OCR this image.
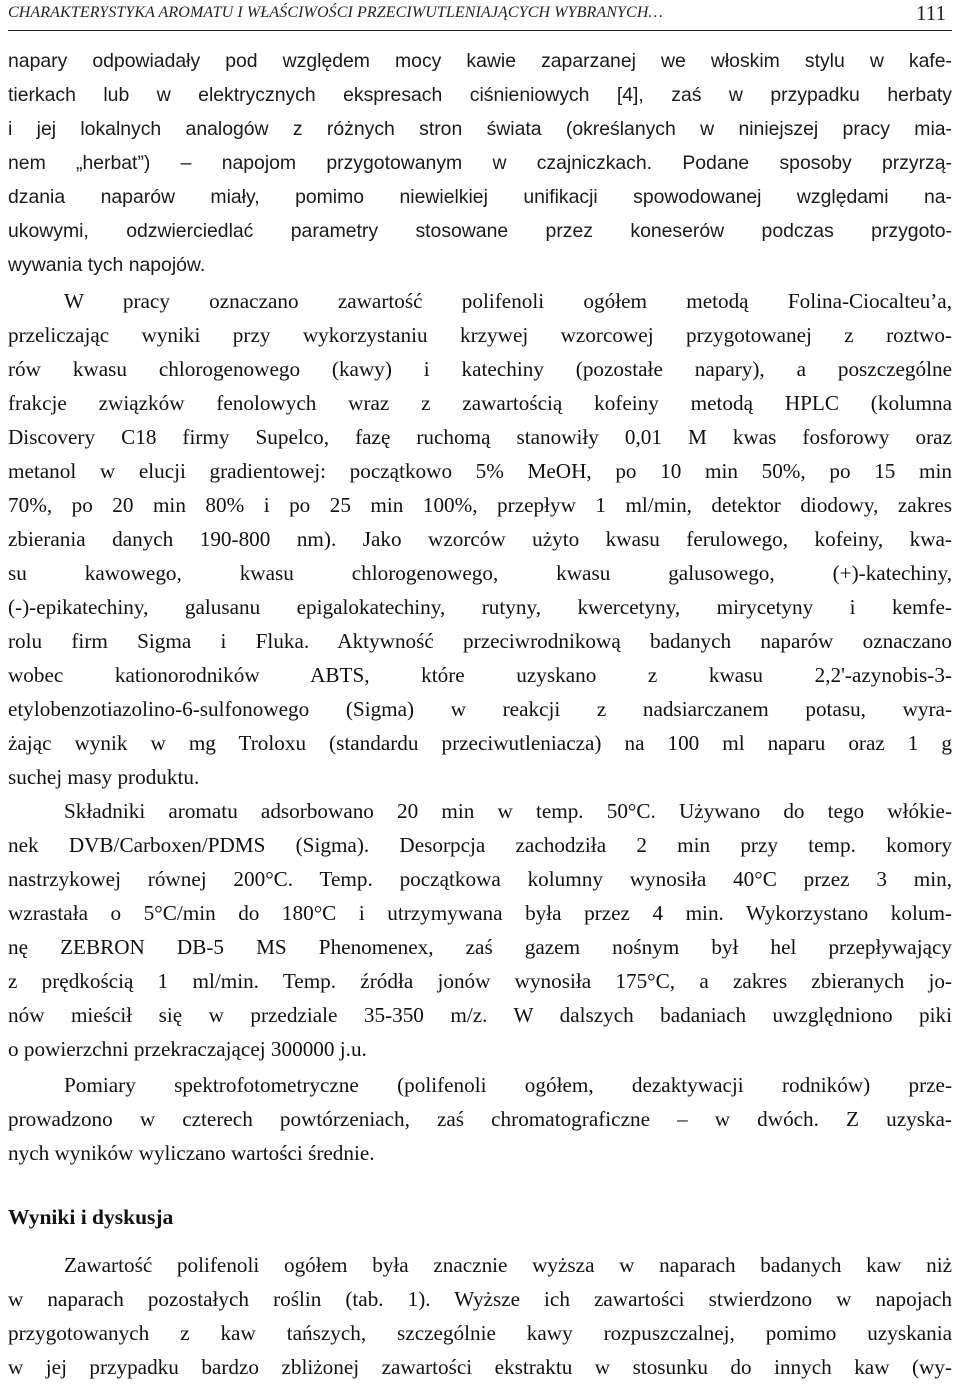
CHARAKTERYSTYKA AROMATU I WŁAŚCIWOŚCI PRZECIWUTLENIAJĄCYCH WYBRANYCH…	111
napary odpowiadały pod względem mocy kawie zaparzanej we włoskim stylu w kafe-
tierkach lub w elektrycznych ekspresach ciśnieniowych [4], zaś w przypadku herbaty
i jej lokalnych analogów z różnych stron świata (określanych w niniejszej pracy mia-
nem „herbat”) – napojom przygotowanym w czajniczkach. Podane sposoby przyrzą-
dzania naparów miały, pomimo niewielkiej unifikacji spowodowanej względami na-
ukowymi, odzwierciedlać parametry stosowane przez koneserów podczas przygoto-
wywania tych napojów.
W pracy oznaczano zawartość polifenoli ogółem metodą Folina-Ciocalteu’a,
przeliczając wyniki przy wykorzystaniu krzywej wzorcowej przygotowanej z roztwo-
rów kwasu chlorogenowego (kawy) i katechiny (pozostałe napary), a poszczególne
frakcje związków fenolowych wraz z zawartością kofeiny metodą HPLC (kolumna
Discovery C18 firmy Supelco, fazę ruchomą stanowiły 0,01 M kwas fosforowy oraz
metanol w elucji gradientowej: początkowo 5% MeOH, po 10 min 50%, po 15 min
70%, po 20 min 80% i po 25 min 100%, przepływ 1 ml/min, detektor diodowy, zakres
zbierania danych 190-800 nm). Jako wzorców użyto kwasu ferulowego, kofeiny, kwa-
su kawowego, kwasu chlorogenowego, kwasu galusowego, (+)-katechiny,
(-)-epikatechiny, galusanu epigalokatechiny, rutyny, kwercetyny, mirycetyny i kemfe-
rolu firm Sigma i Fluka. Aktywność przeciwrodnikową badanych naparów oznaczano
wobec kationorodników ABTS, które uzyskano z kwasu 2,2'-azynobis-3-
etylobenzotiazolino-6-sulfonowego (Sigma) w reakcji z nadsiarczanem potasu, wyra-
żając wynik w mg Troloxu (standardu przeciwutleniacza) na 100 ml naparu oraz 1 g
suchej masy produktu.
Składniki aromatu adsorbowano 20 min w temp. 50°C. Używano do tego włókie-
nek DVB/Carboxen/PDMS (Sigma). Desorpcja zachodziła 2 min przy temp. komory
nastrzykowej równej 200°C. Temp. początkowa kolumny wynosiła 40°C przez 3 min,
wzrastała o 5°C/min do 180°C i utrzymywana była przez 4 min. Wykorzystano kolum-
nę ZEBRON DB-5 MS Phenomenex, zaś gazem nośnym był hel przepływający
z prędkością 1 ml/min. Temp. źródła jonów wynosiła 175°C, a zakres zbieranych jo-
nów mieścił się w przedziale 35-350 m/z. W dalszych badaniach uwzględniono piki
o powierzchni przekraczającej 300000 j.u.
Pomiary spektrofotometryczne (polifenoli ogółem, dezaktywacji rodników) prze-
prowadzono w czterech powtórzeniach, zaś chromatograficzne – w dwóch. Z uzyska-
nych wyników wyliczano wartości średnie.
Wyniki i dyskusja
Zawartość polifenoli ogółem była znacznie wyższa w naparach badanych kaw niż
w naparach pozostałych roślin (tab. 1). Wyższe ich zawartości stwierdzono w napojach
przygotowanych z kaw tańszych, szczególnie kawy rozpuszczalnej, pomimo uzyskania
w jej przypadku bardzo zbliżonej zawartości ekstraktu w stosunku do innych kaw (wy-
